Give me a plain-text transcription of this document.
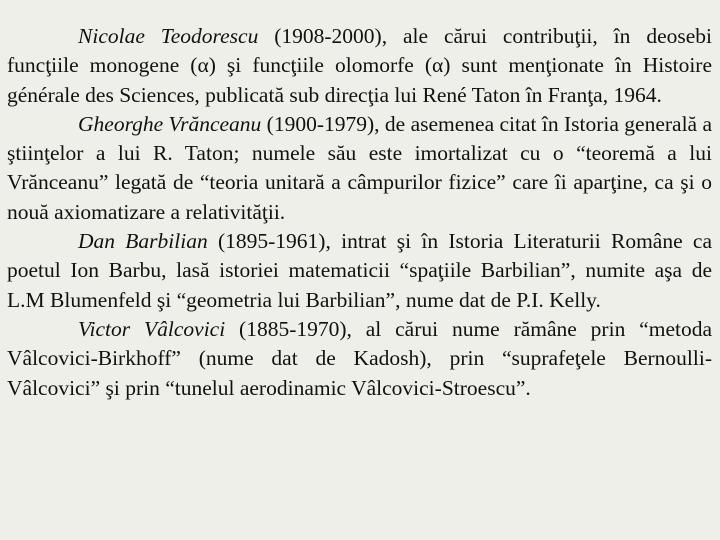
Nicolae Teodorescu (1908-2000), ale cărui contribuţii, în deosebi funcţiile monogene (α) şi funcţiile olomorfe (α) sunt menţionate în Histoire générale des Sciences, publicată sub direcţia lui René Taton în Franţa, 1964.

Gheorghe Vrănceanu (1900-1979), de asemenea citat în Istoria generală a ştiinţelor a lui R. Taton; numele său este imortalizat cu o “teoremă a lui Vrănceanu” legată de “teoria unitară a câmpurilor fizice” care îi aparţine, ca şi o nouă axiomatizare a relativităţii.

Dan Barbilian (1895-1961), intrat şi în Istoria Literaturii Române ca poetul Ion Barbu, lasă istoriei matematicii “spaţiile Barbilian”, numite aşa de L.M Blumenfeld şi “geometria lui Barbilian”, nume dat de P.I. Kelly.

Victor Vâlcovici (1885-1970), al cărui nume rămâne prin “metoda Vâlcovici-Birkhoff” (nume dat de Kadosh), prin “suprafeţele Bernoulli-Vâlcovici” şi prin “tunelul aerodinamic Vâlcovici-Stroescu”.
